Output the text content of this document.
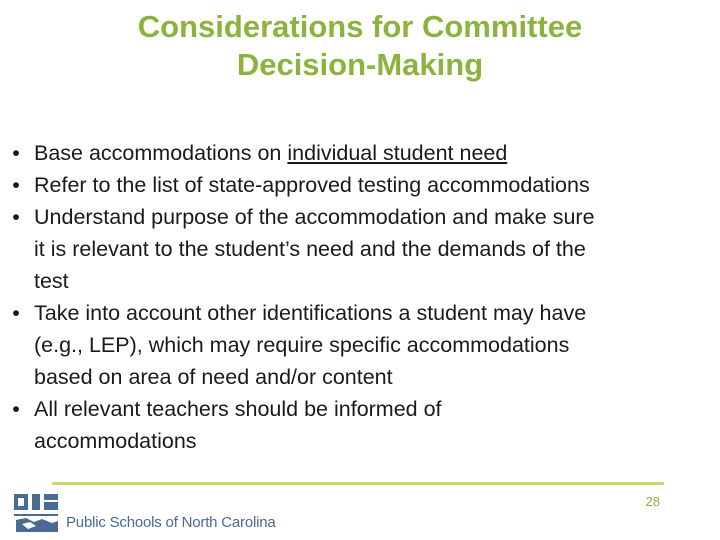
Considerations for Committee
Decision-Making
• Base accommodations on individual student need
• Refer to the list of state-approved testing accommodations
• Understand purpose of the accommodation and make sure
it is relevant to the student’s need and the demands of the
test
• Take into account other identifications a student may have
(e.g., LEP), which may require specific accommodations
based on area of need and/or content
• All relevant teachers should be informed of
accommodations
28
Public Schools of North Carolina
